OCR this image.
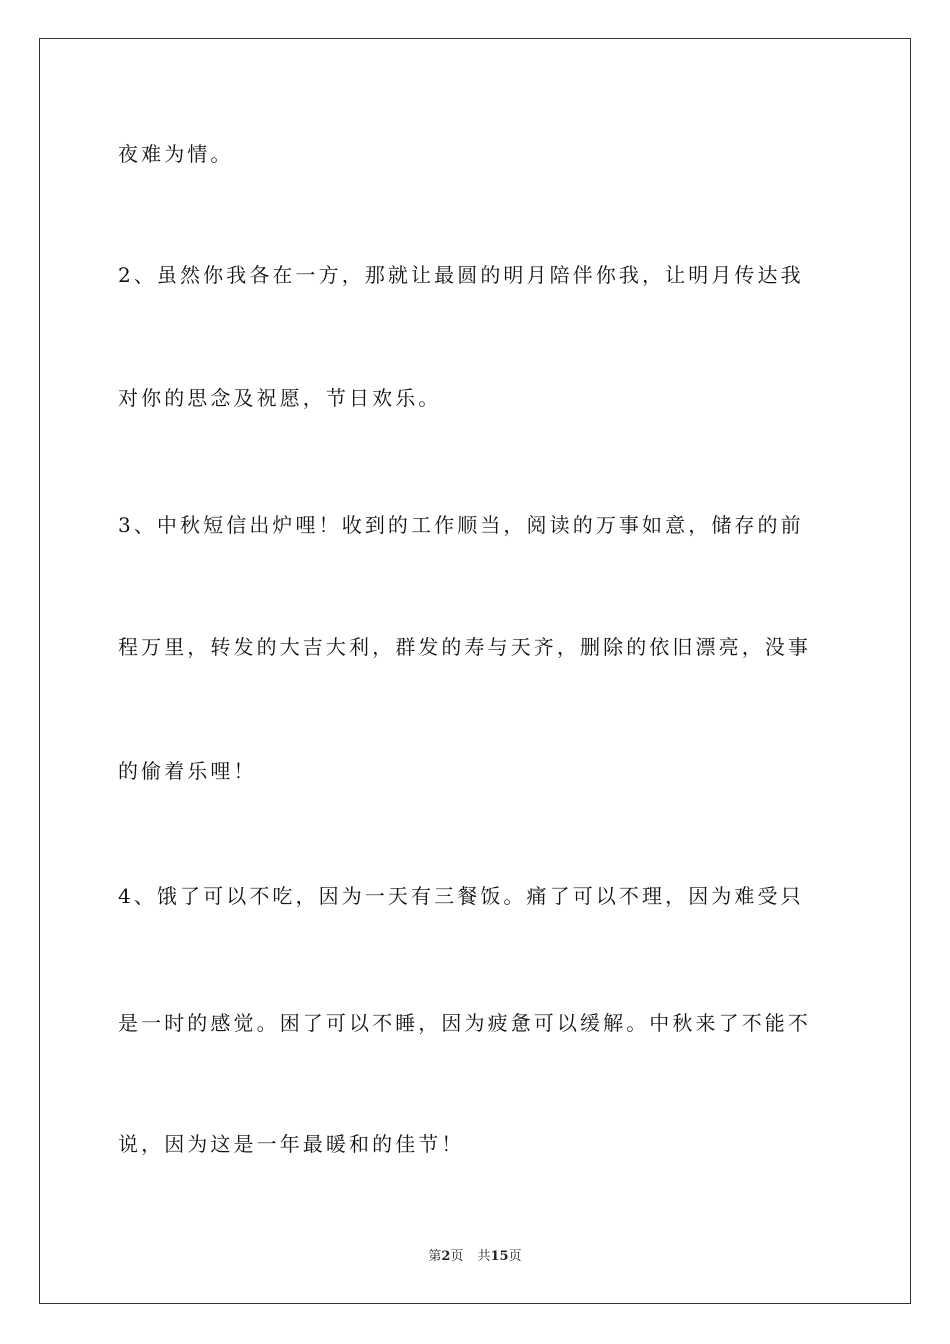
夜难为情。
2、虽然你我各在一方，那就让最圆的明月陪伴你我，让明月传达我
对你的思念及祝愿，节日欢乐。
3、中秋短信出炉哩！收到的工作顺当，阅读的万事如意，储存的前
程万里，转发的大吉大利，群发的寿与天齐，删除的依旧漂亮，没事
的偷着乐哩！
4、饿了可以不吃，因为一天有三餐饭。痛了可以不理，因为难受只
是一时的感觉。困了可以不睡，因为疲惫可以缓解。中秋来了不能不
说，因为这是一年最暖和的佳节！
第2页 共15页
